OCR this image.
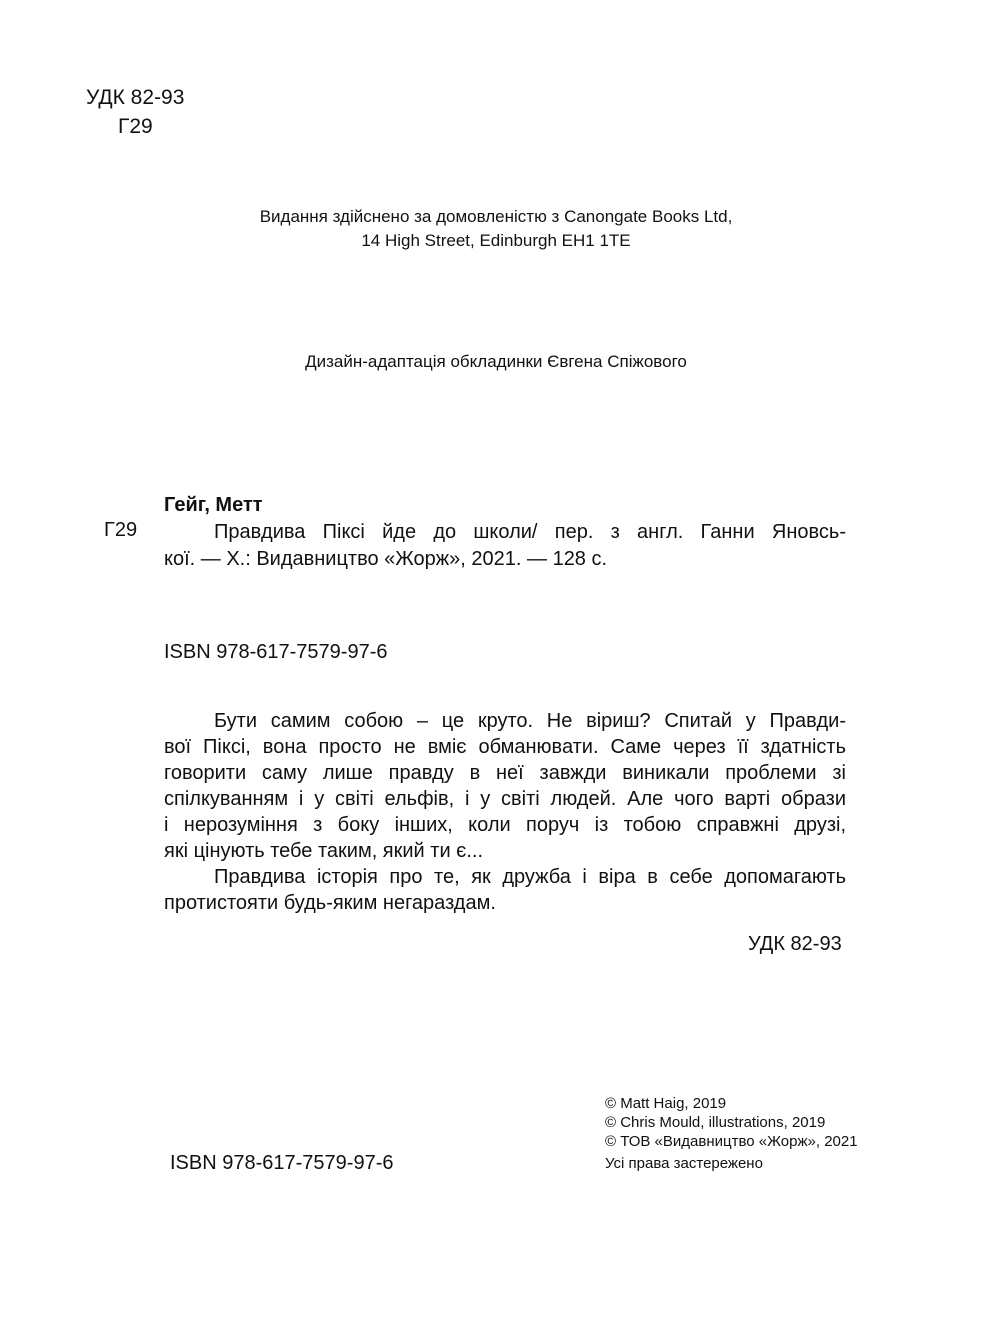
УДК 82-93
Г29
Видання здійснено за домовленістю з Canongate Books Ltd,
14 High Street, Edinburgh EH1 1TE
Дизайн-адаптація обкладинки Євгена Спіжового
Гейг, Метт
Г29	Правдива Піксі йде до школи/ пер. з англ. Ганни Яновсь-
кої. — Х.: Видавництво «Жорж», 2021. — 128 с.
ISBN 978-617-7579-97-6
Бути самим собою – це круто. Не віриш? Спитай у Правди-
вої Піксі, вона просто не вміє обманювати. Саме через її здатність
говорити саму лише правду в неї завжди виникали проблеми зі
спілкуванням і у світі ельфів, і у світі людей. Але чого варті образи
і нерозуміння з боку інших, коли поруч із тобою справжні друзі,
які цінують тебе таким, який ти є...
Правдива історія про те, як дружба і віра в себе допомагають
протистояти будь-яким негараздам.
УДК 82-93
© Matt Haig, 2019
© Chris Mould, illustrations, 2019
© ТОВ «Видавництво «Жорж», 2021
Усі права застережено
ISBN 978-617-7579-97-6
